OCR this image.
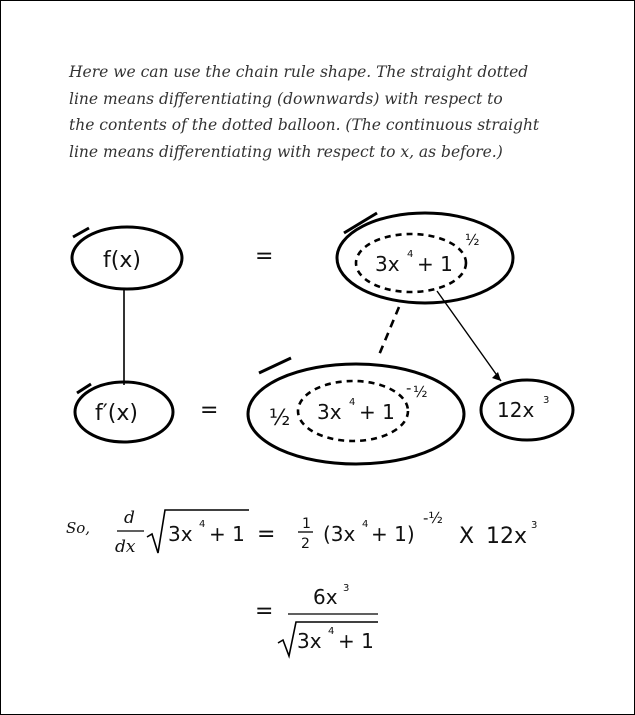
Here we can use the chain rule shape. The straight dotted
line means differentiating (downwards) with respect to
the contents of the dotted balloon. (The continuous straight
line means differentiating with respect to x, as before.)
f(x)	=	3x 4 + 1
½
f′(x)	= ½ 3x 4 + 1
- ½
12x 3
So, d
dx
3x 4 + 1 = 1
2 (3x 4 + 1)
-½
X 12x 3
=
6x 3
3x 4 + 1
